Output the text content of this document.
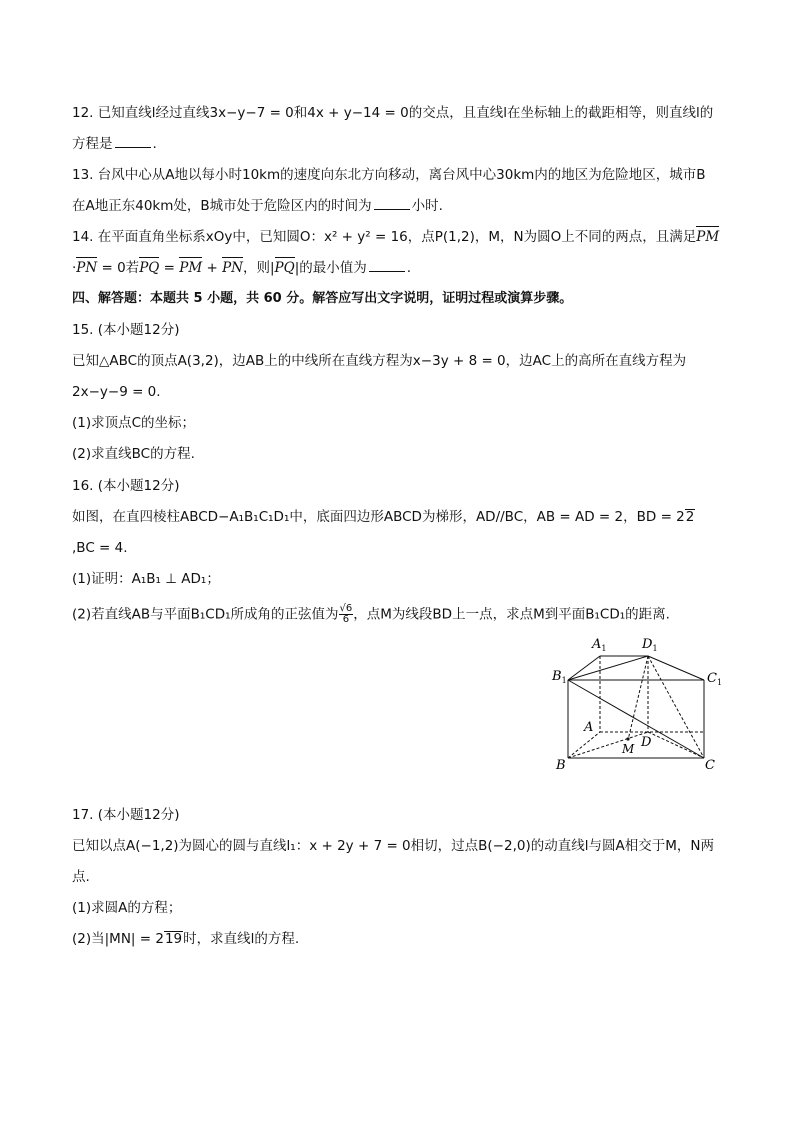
12. 已知直线l经过直线3x−y−7 = 0和4x + y−14 = 0的交点，且直线l在坐标轴上的截距相等，则直线l的
方程是	.
13. 台风中心从A地以每小时10km的速度向东北方向移动，离台风中心30km内的地区为危险地区，城市B
在A地正东40km处，B城市处于危险区内的时间为	小时.
14. 在平面直角坐标系xOy中，已知圆O：x² + y² = 16，点P(1,2)，M，N为圆O上不同的两点，且满足PM
·PN = 0若PQ = PM + PN，则|PQ|的最小值为	.
四、解答题：本题共 5 小题，共 60 分。解答应写出文字说明，证明过程或演算步骤。
15. (本小题12分)
已知△ABC的顶点A(3,2)，边AB上的中线所在直线方程为x−3y + 8 = 0，边AC上的高所在直线方程为
2x−y−9 = 0.
(1)求顶点C的坐标；
(2)求直线BC的方程.
16. (本小题12分)
如图，在直四棱柱ABCD−A₁B₁C₁D₁中，底面四边形ABCD为梯形，AD//BC，AB = AD = 2，BD = 22
,BC = 4.
(1)证明：A₁B₁ ⊥ AD₁；
(2)若直线AB与平面B₁CD₁所成角的正弦值为 $\frac{√6}{6}$ ，点M为线段BD上一点，求点M到平面B₁CD₁的距离.
$A_1$	$D_1$
$B_1$	$C_1$
A
D
M
B	C
17. (本小题12分)
已知以点A(−1,2)为圆心的圆与直线l₁：x + 2y + 7 = 0相切，过点B(−2,0)的动直线l与圆A相交于M，N两
点.
(1)求圆A的方程；
(2)当|MN| = 219时，求直线l的方程.
